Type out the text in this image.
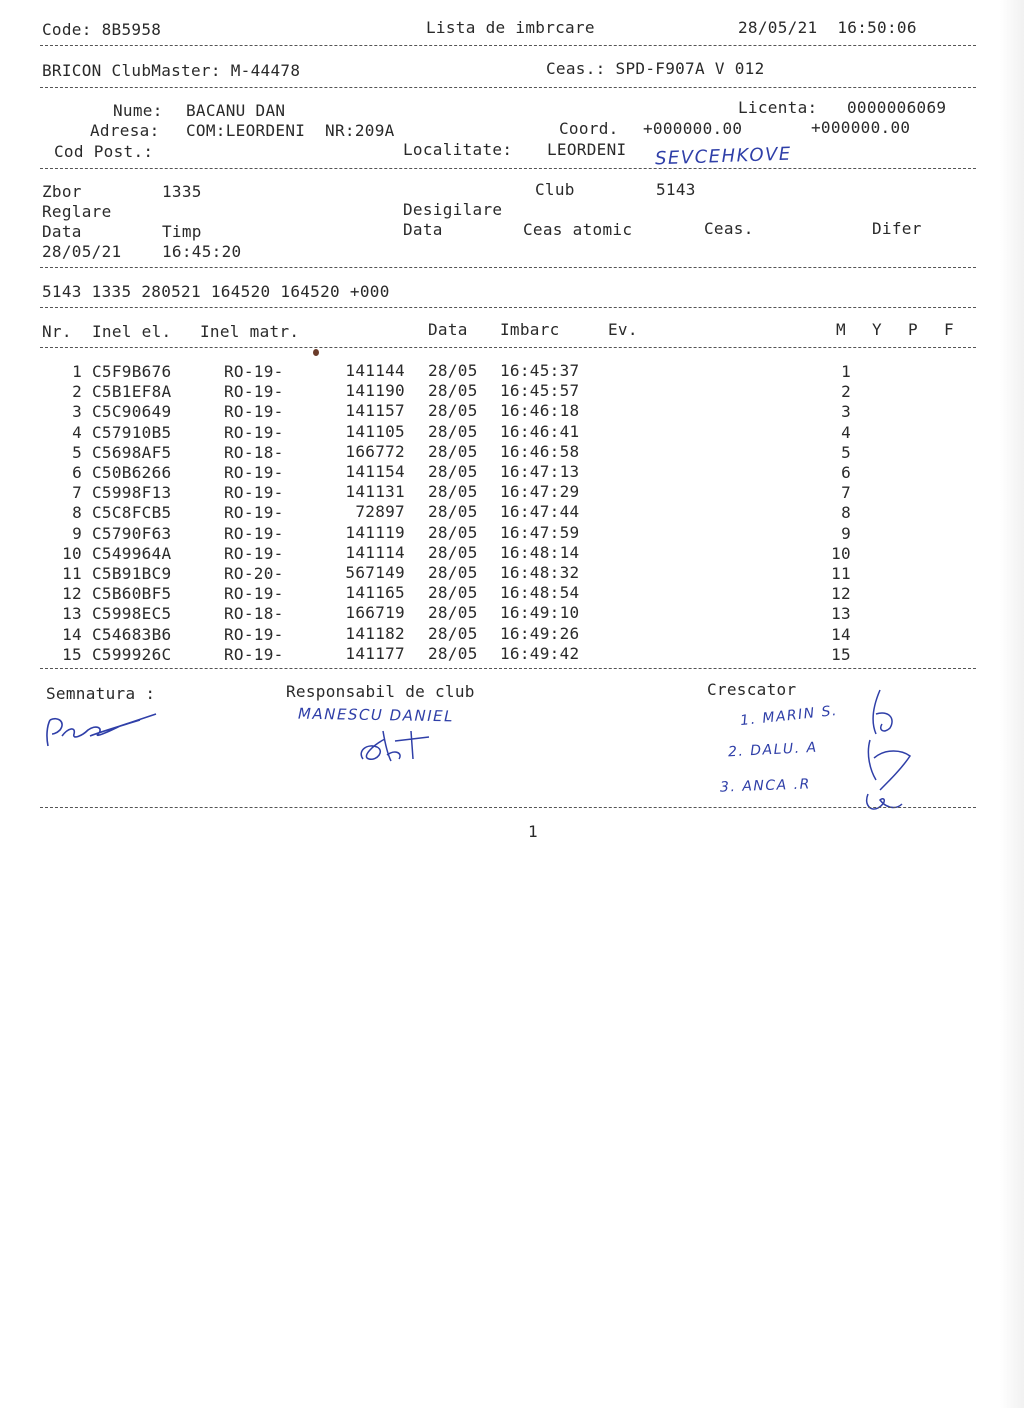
Code: 8B5958	Lista de imbrcare	28/05/21  16:50:06
BRICON ClubMaster: M-44478	Ceas.: SPD-F907A V 012
Nume: BACANU DAN	Licenta: 0000006069
Adresa: COM:LEORDENI  NR:209A	Coord. +000000.00	+000000.00
Cod Post.:	Localitate: LEORDENI SEVCEHKOVE
Zbor	1335	Club	5143
Reglare	Desigilare
Data	Timp	Data	Ceas atomic	Ceas.	Difer
28/05/21	16:45:20
5143 1335 280521 164520 164520 +000
Nr. Inel el. Inel matr.	Data Imbarc	Ev.	M Y P F
1 C5F9B676	RO-19-	141144 28/05 16:45:37	1
2 C5B1EF8A	RO-19-	141190 28/05 16:45:57	2
3 C5C90649	RO-19-	141157 28/05 16:46:18	3
4 C57910B5	RO-19-	141105 28/05 16:46:41	4
5 C5698AF5	RO-18-	166772 28/05 16:46:58	5
6 C50B6266	RO-19-	141154 28/05 16:47:13	6
7 C5998F13	RO-19-	141131 28/05 16:47:29	7
8 C5C8FCB5	RO-19-	72897 28/05 16:47:44	8
9 C5790F63	RO-19-	141119 28/05 16:47:59	9
10 C549964A	RO-19-	141114 28/05 16:48:14	10
11 C5B91BC9	RO-20-	567149 28/05 16:48:32	11
12 C5B60BF5	RO-19-	141165 28/05 16:48:54	12
13 C5998EC5	RO-18-	166719 28/05 16:49:10	13
14 C54683B6	RO-19-	141182 28/05 16:49:26	14
15 C599926C	RO-19-	141177 28/05 16:49:42	15
Semnatura :	Responsabil de club	Crescator
MANESCU DANIEL	1. MARIN S.
2. DALU. A
3. ANCA .R
1
